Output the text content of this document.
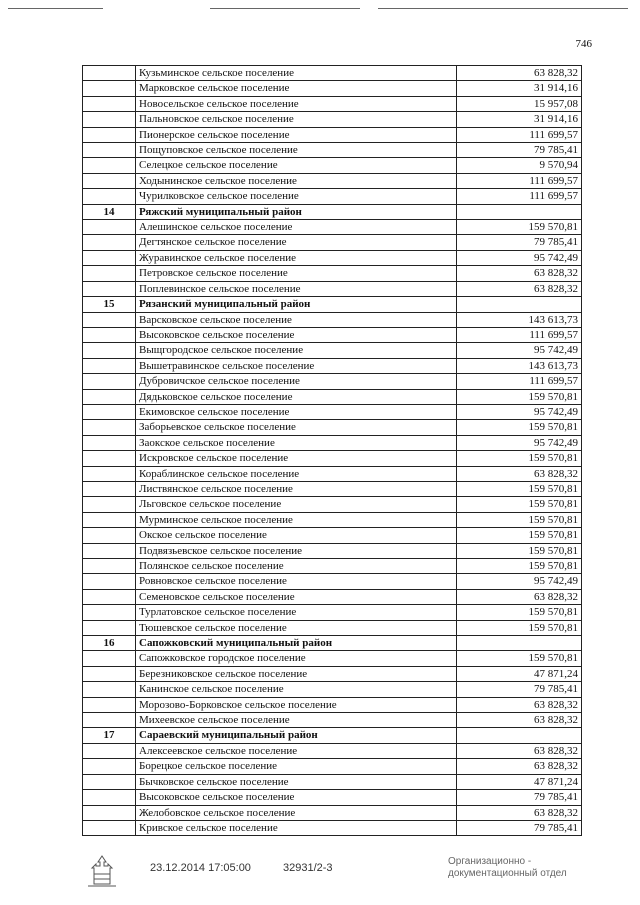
746
	Кузьминское сельское поселение	63 828,32
	Марковское сельское поселение	31 914,16
	Новосельское сельское поселение	15 957,08
	Пальновское сельское поселение	31 914,16
	Пионерское сельское поселение	111 699,57
	Пощуповское сельское поселение	79 785,41
	Селецкое сельское поселение	9 570,94
	Ходынинское сельское поселение	111 699,57
	Чурилковское сельское поселение	111 699,57
14	Ряжский муниципальный район	
	Алешинское сельское поселение	159 570,81
	Дегтянское сельское поселение	79 785,41
	Журавинское сельское поселение	95 742,49
	Петровское сельское поселение	63 828,32
	Поплевинское сельское поселение	63 828,32
15	Рязанский муниципальный район	
	Варсковское сельское поселение	143 613,73
	Высоковское сельское поселение	111 699,57
	Выщгородское сельское поселение	95 742,49
	Вышетравинское сельское поселение	143 613,73
	Дубровичское сельское поселение	111 699,57
	Дядьковское сельское поселение	159 570,81
	Екимовское сельское поселение	95 742,49
	Заборьевское сельское поселение	159 570,81
	Заокское сельское поселение	95 742,49
	Искровское сельское поселение	159 570,81
	Кораблинское сельское поселение	63 828,32
	Листвянское сельское поселение	159 570,81
	Льговское сельское поселение	159 570,81
	Мурминское сельское поселение	159 570,81
	Окское сельское поселение	159 570,81
	Подвязьевское сельское поселение	159 570,81
	Полянское сельское поселение	159 570,81
	Ровновское сельское поселение	95 742,49
	Семеновское сельское поселение	63 828,32
	Турлатовское сельское поселение	159 570,81
	Тюшевское сельское поселение	159 570,81
16	Сапожковский муниципальный район	
	Сапожковское городское поселение	159 570,81
	Березниковское сельское поселение	47 871,24
	Канинское сельское поселение	79 785,41
	Морозово-Борковское сельское поселение	63 828,32
	Михеевское сельское поселение	63 828,32
17	Сараевский муниципальный район	
	Алексеевское сельское поселение	63 828,32
	Борецкое сельское поселение	63 828,32
	Бычковское сельское поселение	47 871,24
	Высоковское сельское поселение	79 785,41
	Желобовское сельское поселение	63 828,32
	Кривское сельское поселение	79 785,41
23.12.2014 17:05:00	32931/2-3
Организационно -
документационный отдел
